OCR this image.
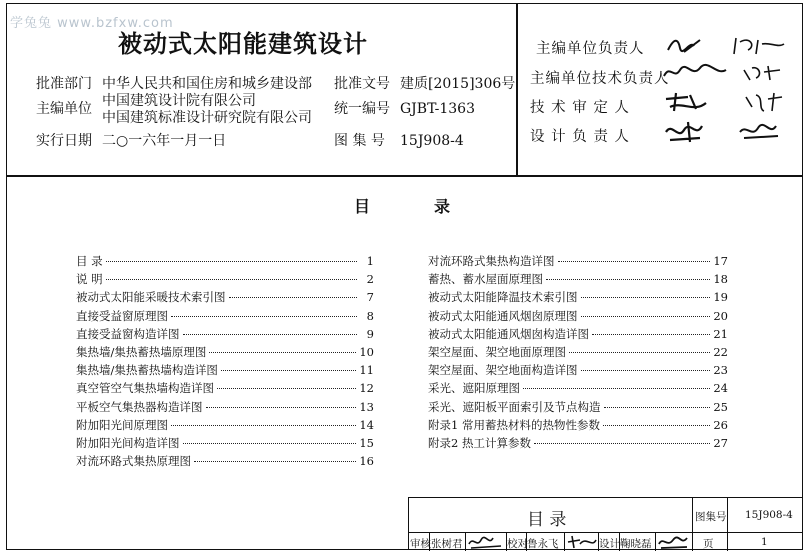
学兔兔 www.bzfxw.com
被动式太阳能建筑设计
批准部门 中华人民共和国住房和城乡建设部
主编单位 中国建筑设计院有限公司
中国建筑标准设计研究院有限公司
实行日期 二○一六年一月一日
批准文号 建质[2015]306号
统一编号 GJBT-1363
图 集 号 15J908-4
主编单位负责人
主编单位技术负责人
技 术 审 定 人
设 计 负 责 人
目	录
目 录	1
说 明	2
被动式太阳能采暖技术索引图	7
直接受益窗原理图	8
直接受益窗构造详图	9
集热墙/集热蓄热墙原理图	10
集热墙/集热蓄热墙构造详图	11
真空管空气集热墙构造详图	12
平板空气集热器构造详图	13
附加阳光间原理图	14
附加阳光间构造详图	15
对流环路式集热原理图	16
对流环路式集热构造详图	17
蓄热、蓄水屋面原理图	18
被动式太阳能降温技术索引图	19
被动式太阳能通风烟囱原理图	20
被动式太阳能通风烟囱构造详图	21
架空屋面、架空地面原理图	22
架空屋面、架空地面构造详图	23
采光、遮阳原理图	24
采光、遮阳板平面索引及节点构造	25
附录1 常用蓄热材料的热物性参数	26
附录2 热工计算参数	27
目 录	图集号 15J908-4
审核 张树君	校对 鲁永飞	设计 鞠晓磊	页	1
